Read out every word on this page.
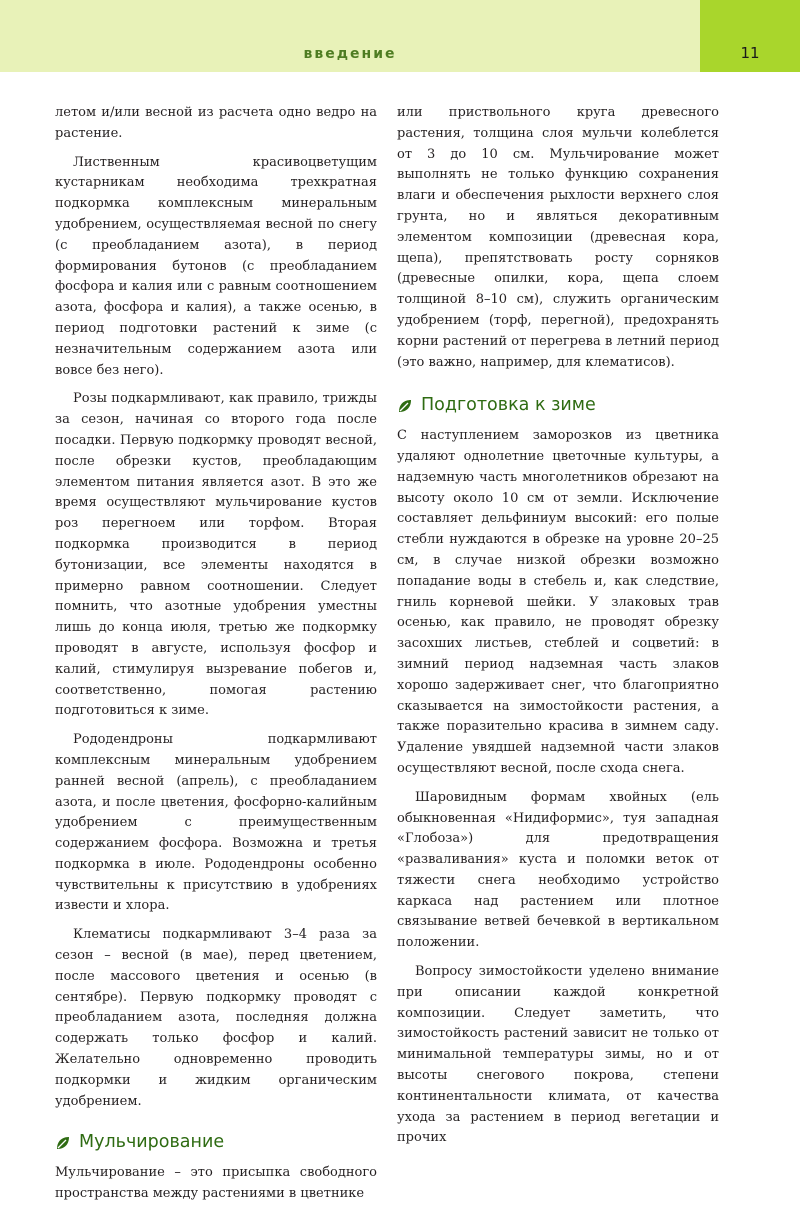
введение	11

летом и/или весной из расчета одно ведро на растение.

Лиственным красивоцветущим кустарникам необходима трехкратная подкормка комплексным минеральным удобрением, осуществляемая весной по снегу (с преобладанием азота), в период формирования бутонов (с преобладанием фосфора и калия или с равным соотношением азота, фосфора и калия), а также осенью, в период подготовки растений к зиме (с незначительным содержанием азота или вовсе без него).

Розы подкармливают, как правило, трижды за сезон, начиная со второго года после посадки. Первую подкормку проводят весной, после обрезки кустов, преобладающим элементом питания является азот. В это же время осуществляют мульчирование кустов роз перегноем или торфом. Вторая подкормка производится в период бутонизации, все элементы находятся в примерно равном соотношении. Следует помнить, что азотные удобрения уместны лишь до конца июля, третью же подкормку проводят в августе, используя фосфор и калий, стимулируя вызревание побегов и, соответственно, помогая растению подготовиться к зиме.

Рододендроны подкармливают комплексным минеральным удобрением ранней весной (апрель), с преобладанием азота, и после цветения, фосфорно-калийным удобрением с преимущественным содержанием фосфора. Возможна и третья подкормка в июле. Рододендроны особенно чувствительны к присутствию в удобрениях извести и хлора.

Клематисы подкармливают 3–4 раза за сезон – весной (в мае), перед цветением, после массового цветения и осенью (в сентябре). Первую подкормку проводят с преобладанием азота, последняя должна содержать только фосфор и калий. Желательно одновременно проводить подкормки и жидким органическим удобрением.

Мульчирование

Мульчирование – это присыпка свободного пространства между растениями в цветнике

или приствольного круга древесного растения, толщина слоя мульчи колеблется от 3 до 10 см. Мульчирование может выполнять не только функцию сохранения влаги и обеспечения рыхлости верхнего слоя грунта, но и являться декоративным элементом композиции (древесная кора, щепа), препятствовать росту сорняков (древесные опилки, кора, щепа слоем толщиной 8–10 см), служить органическим удобрением (торф, перегной), предохранять корни растений от перегрева в летний период (это важно, например, для клематисов).

Подготовка к зиме

С наступлением заморозков из цветника удаляют однолетние цветочные культуры, а надземную часть многолетников обрезают на высоту около 10 см от земли. Исключение составляет дельфиниум высокий: его полые стебли нуждаются в обрезке на уровне 20–25 см, в случае низкой обрезки возможно попадание воды в стебель и, как следствие, гниль корневой шейки. У злаковых трав осенью, как правило, не проводят обрезку засохших листьев, стеблей и соцветий: в зимний период надземная часть злаков хорошо задерживает снег, что благоприятно сказывается на зимостойкости растения, а также поразительно красива в зимнем саду. Удаление увядшей надземной части злаков осуществляют весной, после схода снега.

Шаровидным формам хвойных (ель обыкновенная «Нидиформис», туя западная «Глобоза») для предотвращения «разваливания» куста и поломки веток от тяжести снега необходимо устройство каркаса над растением или плотное связывание ветвей бечевкой в вертикальном положении.

Вопросу зимостойкости уделено внимание при описании каждой конкретной композиции. Следует заметить, что зимостойкость растений зависит не только от минимальной температуры зимы, но и от высоты снегового покрова, степени континентальности климата, от качества ухода за растением в период вегетации и прочих
